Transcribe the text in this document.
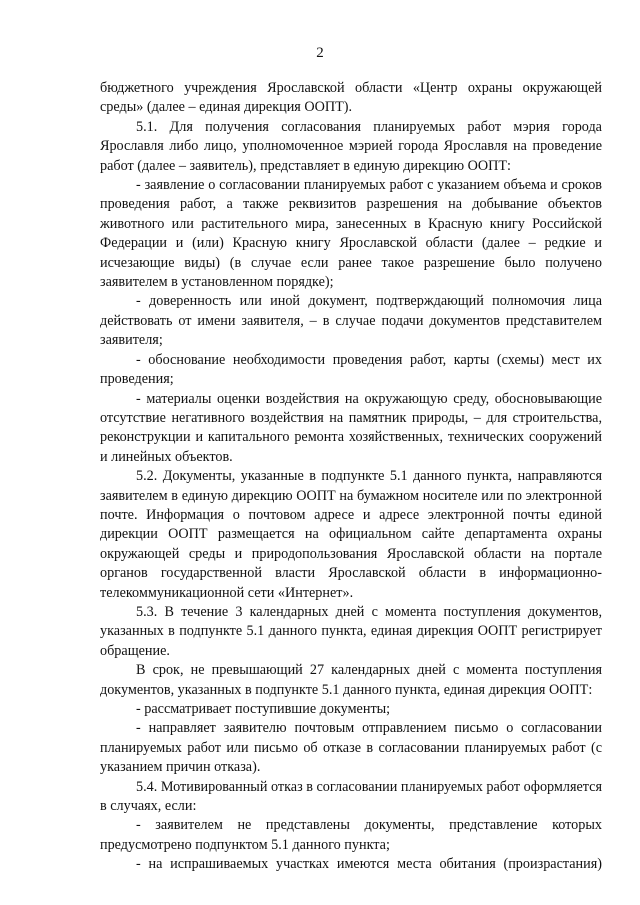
2

бюджетного учреждения Ярославской области «Центр охраны окружающей среды» (далее – единая дирекция ООПТ).

5.1. Для получения согласования планируемых работ мэрия города Ярославля либо лицо, уполномоченное мэрией города Ярославля на проведение работ (далее – заявитель), представляет в единую дирекцию ООПТ:

- заявление о согласовании планируемых работ с указанием объема и сроков проведения работ, а также реквизитов разрешения на добывание объектов животного или растительного мира, занесенных в Красную книгу Российской Федерации и (или) Красную книгу Ярославской области (далее – редкие и исчезающие виды) (в случае если ранее такое разрешение было получено заявителем в установленном порядке);

- доверенность или иной документ, подтверждающий полномочия лица действовать от имени заявителя, – в случае подачи документов представителем заявителя;

- обоснование необходимости проведения работ, карты (схемы) мест их проведения;

- материалы оценки воздействия на окружающую среду, обосновывающие отсутствие негативного воздействия на памятник природы, – для строительства, реконструкции и капитального ремонта хозяйственных, технических сооружений и линейных объектов.

5.2. Документы, указанные в подпункте 5.1 данного пункта, направляются заявителем в единую дирекцию ООПТ на бумажном носителе или по электронной почте. Информация о почтовом адресе и адресе электронной почты единой дирекции ООПТ размещается на официальном сайте департамента охраны окружающей среды и природопользования Ярославской области на портале органов государственной власти Ярославской области в информационно-телекоммуникационной сети «Интернет».

5.3. В течение 3 календарных дней с момента поступления документов, указанных в подпункте 5.1 данного пункта, единая дирекция ООПТ регистрирует обращение.

В срок, не превышающий 27 календарных дней с момента поступления документов, указанных в подпункте 5.1 данного пункта, единая дирекция ООПТ:

- рассматривает поступившие документы;

- направляет заявителю почтовым отправлением письмо о согласовании планируемых работ или письмо об отказе в согласовании планируемых работ (с указанием причин отказа).

5.4. Мотивированный отказ в согласовании планируемых работ оформляется в случаях, если:

- заявителем не представлены документы, представление которых предусмотрено подпунктом 5.1 данного пункта;

- на испрашиваемых участках имеются места обитания (произрастания)
